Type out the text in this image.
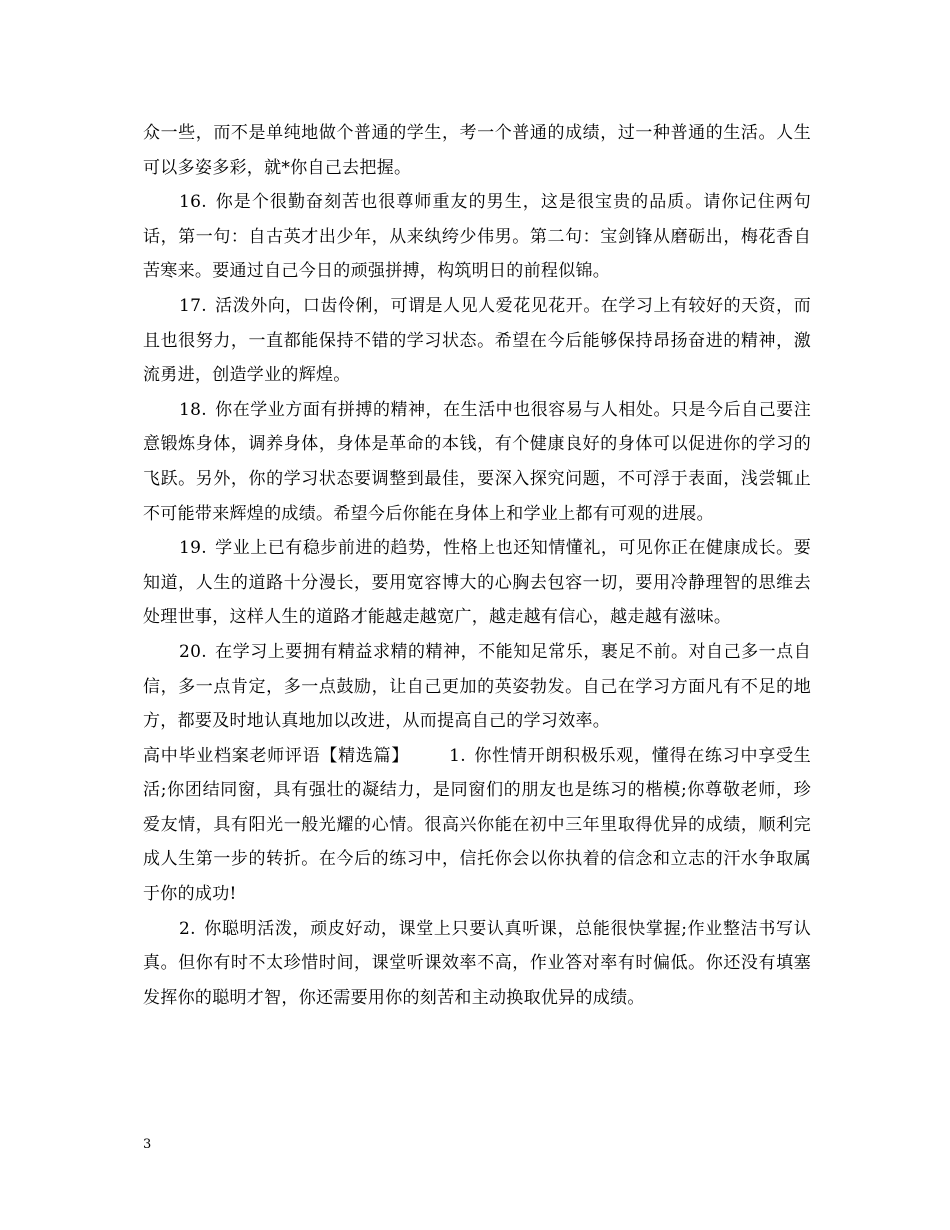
众一些，而不是单纯地做个普通的学生，考一个普通的成绩，过一种普通的生活。人生可以多姿多彩，就*你自己去把握。

16. 你是个很勤奋刻苦也很尊师重友的男生，这是很宝贵的品质。请你记住两句话，第一句：自古英才出少年，从来纨绔少伟男。第二句：宝剑锋从磨砺出，梅花香自苦寒来。要通过自己今日的顽强拼搏，构筑明日的前程似锦。

17. 活泼外向，口齿伶俐，可谓是人见人爱花见花开。在学习上有较好的天资，而且也很努力，一直都能保持不错的学习状态。希望在今后能够保持昂扬奋进的精神，激流勇进，创造学业的辉煌。

18. 你在学业方面有拼搏的精神，在生活中也很容易与人相处。只是今后自己要注意锻炼身体，调养身体，身体是革命的本钱，有个健康良好的身体可以促进你的学习的飞跃。另外，你的学习状态要调整到最佳，要深入探究问题，不可浮于表面，浅尝辄止不可能带来辉煌的成绩。希望今后你能在身体上和学业上都有可观的进展。

19. 学业上已有稳步前进的趋势，性格上也还知情懂礼，可见你正在健康成长。要知道，人生的道路十分漫长，要用宽容博大的心胸去包容一切，要用冷静理智的思维去处理世事，这样人生的道路才能越走越宽广，越走越有信心，越走越有滋味。

20. 在学习上要拥有精益求精的精神，不能知足常乐，裹足不前。对自己多一点自信，多一点肯定，多一点鼓励，让自己更加的英姿勃发。自己在学习方面凡有不足的地方，都要及时地认真地加以改进，从而提高自己的学习效率。

高中毕业档案老师评语【精选篇】 1. 你性情开朗积极乐观，懂得在练习中享受生活;你团结同窗，具有强壮的凝结力，是同窗们的朋友也是练习的楷模;你尊敬老师，珍爱友情，具有阳光一般光耀的心情。很高兴你能在初中三年里取得优异的成绩，顺利完成人生第一步的转折。在今后的练习中，信托你会以你执着的信念和立志的汗水争取属于你的成功!

2. 你聪明活泼，顽皮好动，课堂上只要认真听课，总能很快掌握;作业整洁书写认真。但你有时不太珍惜时间，课堂听课效率不高，作业答对率有时偏低。你还没有填塞发挥你的聪明才智，你还需要用你的刻苦和主动换取优异的成绩。

3
